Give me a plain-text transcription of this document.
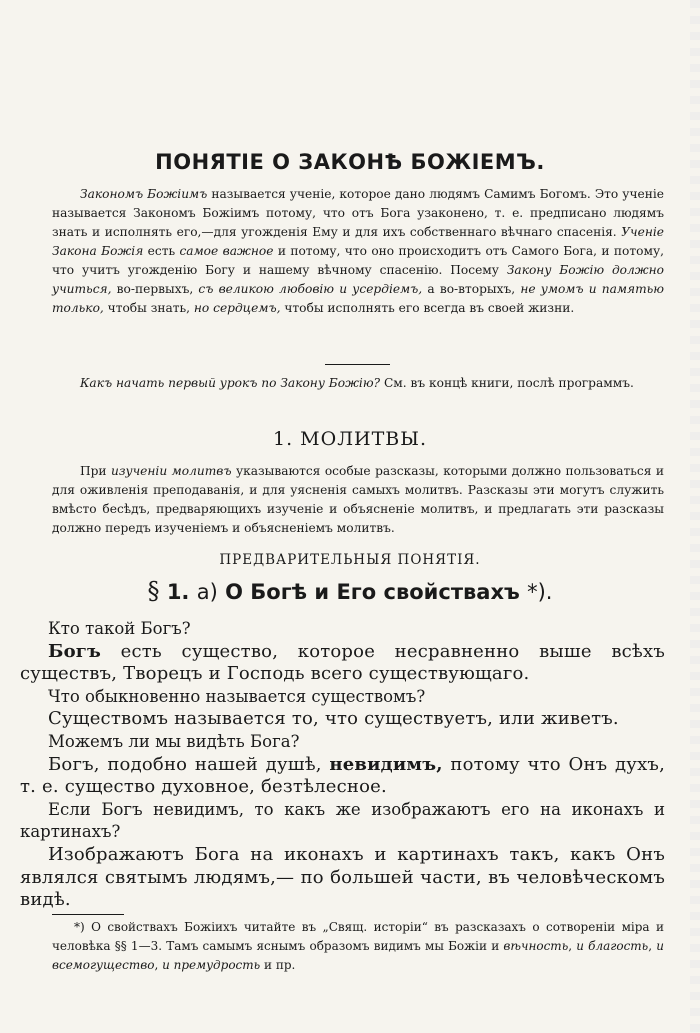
ПОНЯТІЕ О ЗАКОНѢ БОЖІЕМЪ.
Закономъ Божіимъ называется ученіе, которое дано людямъ Самимъ Богомъ. Это ученіе называется Закономъ Божіимъ потому, что отъ Бога узаконено, т. е. предписано людямъ знать и исполнять его,—для угожденія Ему и для ихъ собственнаго вѣчнаго спасенія. Ученіе Закона Божія есть самое важное и потому, что оно происходитъ отъ Самого Бога, и потому, что учитъ угожденію Богу и нашему вѣчному спасенію. Посему Закону Божію должно учиться, во-первыхъ, съ великою любовію и усердіемъ, а во-вторыхъ, не умомъ и памятью только, чтобы знать, но сердцемъ, чтобы исполнять его всегда въ своей жизни.
Какъ начать первый урокъ по Закону Божію? См. въ концѣ книги, послѣ программъ.
1. МОЛИТВЫ.
При изученіи молитвъ указываются особые разсказы, которыми должно пользоваться и для оживленія преподаванія, и для уясненія самыхъ молитвъ. Разсказы эти могутъ служить вмѣсто бесѣдъ, предваряющихъ изученіе и объясненіе молитвъ, и предлагать эти разсказы должно передъ изученіемъ и объясненіемъ молитвъ.
ПРЕДВАРИТЕЛЬНЫЯ ПОНЯТІЯ.
§ 1. а) О Богѣ и Его свойствахъ *).

Кто такой Богъ?

Богъ есть существо, которое несравненно выше всѣхъ существъ, Творецъ и Господь всего существующаго.

Что обыкновенно называется существомъ?

Существомъ называется то, что существуетъ, или живетъ.

Можемъ ли мы видѣть Бога?

Богъ, подобно нашей душѣ, невидимъ, потому что Онъ духъ, т. е. существо духовное, безтѣлесное.

Если Богъ невидимъ, то какъ же изображаютъ его на иконахъ и картинахъ?

Изображаютъ Бога на иконахъ и картинахъ такъ, какъ Онъ являлся святымъ людямъ,— по большей части, въ человѣческомъ видѣ.

*) О свойствахъ Божіихъ читайте въ „Свящ. исторіи“ въ разсказахъ о сотвореніи міра и человѣка §§ 1—3. Тамъ самымъ яснымъ образомъ видимъ мы Божіи и вѣчность, и благость, и всемогущество, и премудрость и пр.
